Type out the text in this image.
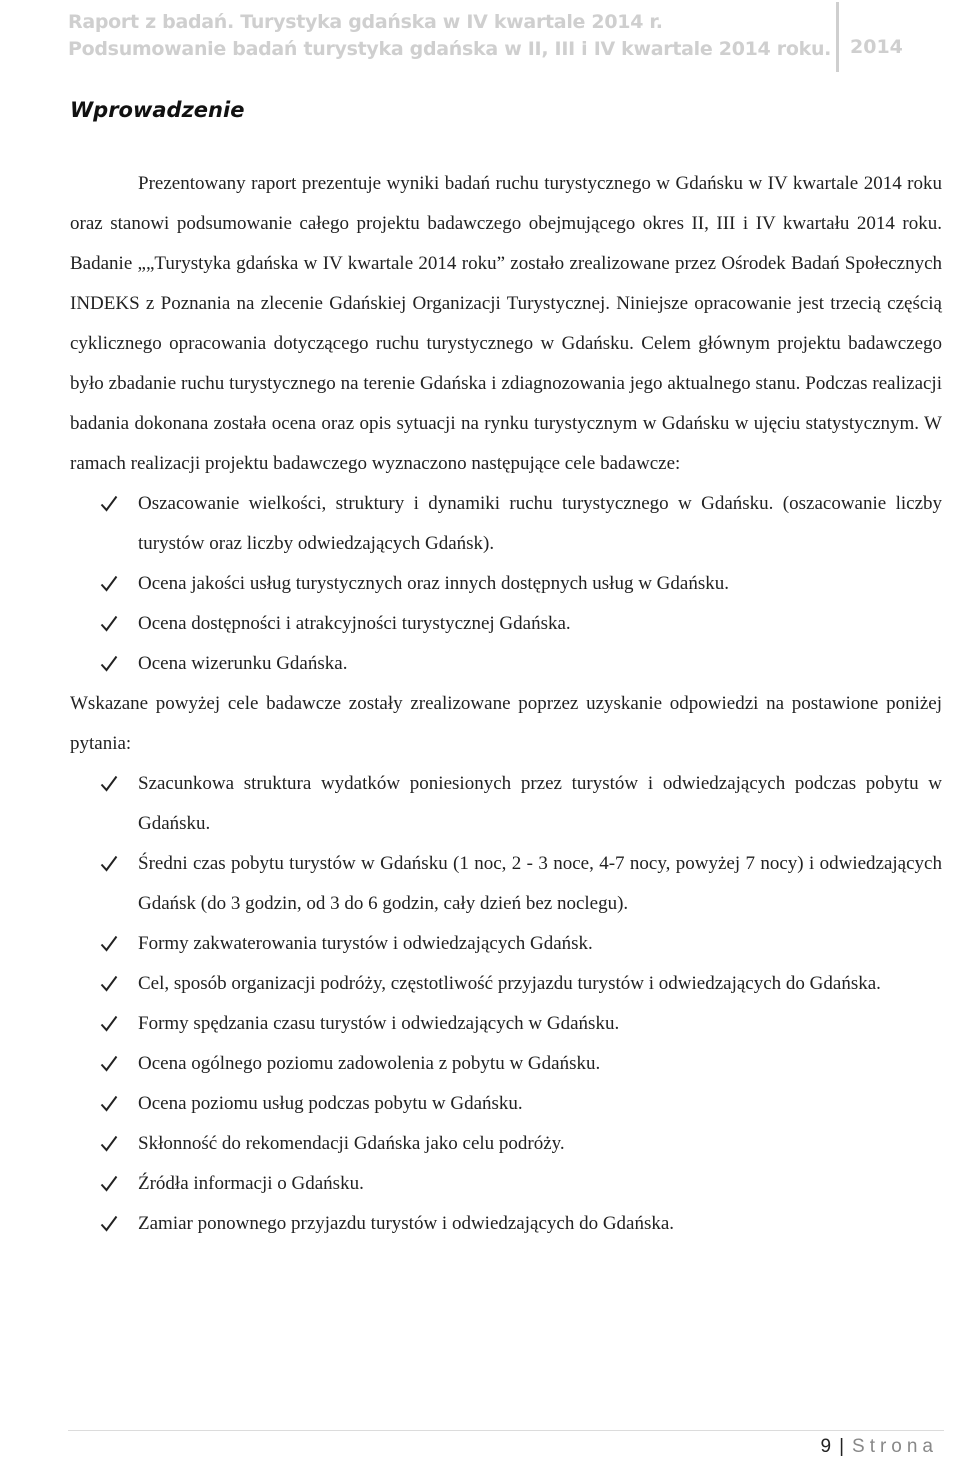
Raport z badań. Turystyka gdańska w IV kwartale 2014 r.
Podsumowanie badań turystyka gdańska w II, III i IV kwartale 2014 roku. 2014
Wprowadzenie

Prezentowany raport prezentuje wyniki badań ruchu turystycznego w Gdańsku w IV kwartale 2014 roku oraz stanowi podsumowanie całego projektu badawczego obejmującego okres II, III i IV kwartału 2014 roku. Badanie „„Turystyka gdańska w IV kwartale 2014 roku” zostało zrealizowane przez Ośrodek Badań Społecznych INDEKS z Poznania na zlecenie Gdańskiej Organizacji Turystycznej. Niniejsze opracowanie jest trzecią częścią cyklicznego opracowania dotyczącego ruchu turystycznego w Gdańsku. Celem głównym projektu badawczego było zbadanie ruchu turystycznego na terenie Gdańska i zdiagnozowania jego aktualnego stanu. Podczas realizacji badania dokonana została ocena oraz opis sytuacji na rynku turystycznym w Gdańsku w ujęciu statystycznym. W ramach realizacji projektu badawczego wyznaczono następujące cele badawcze:

Oszacowanie wielkości, struktury i dynamiki ruchu turystycznego w Gdańsku. (oszacowanie liczby turystów oraz liczby odwiedzających Gdańsk).
Ocena jakości usług turystycznych oraz innych dostępnych usług w Gdańsku.
Ocena dostępności i atrakcyjności turystycznej Gdańska.
Ocena wizerunku Gdańska.

Wskazane powyżej cele badawcze zostały zrealizowane poprzez uzyskanie odpowiedzi na postawione poniżej pytania:

Szacunkowa struktura wydatków poniesionych przez turystów i odwiedzających podczas pobytu w Gdańsku.
Średni czas pobytu turystów w Gdańsku (1 noc, 2 - 3 noce, 4-7 nocy, powyżej 7 nocy) i odwiedzających Gdańsk (do 3 godzin, od 3 do 6 godzin, cały dzień bez noclegu).
Formy zakwaterowania turystów i odwiedzających Gdańsk.
Cel, sposób organizacji podróży, częstotliwość przyjazdu turystów i odwiedzających do Gdańska.
Formy spędzania czasu turystów i odwiedzających w Gdańsku.
Ocena ogólnego poziomu zadowolenia z pobytu w Gdańsku.
Ocena poziomu usług podczas pobytu w Gdańsku.
Skłonność do rekomendacji Gdańska jako celu podróży.
Źródła informacji o Gdańsku.
Zamiar ponownego przyjazdu turystów i odwiedzających do Gdańska.
9 | Strona
